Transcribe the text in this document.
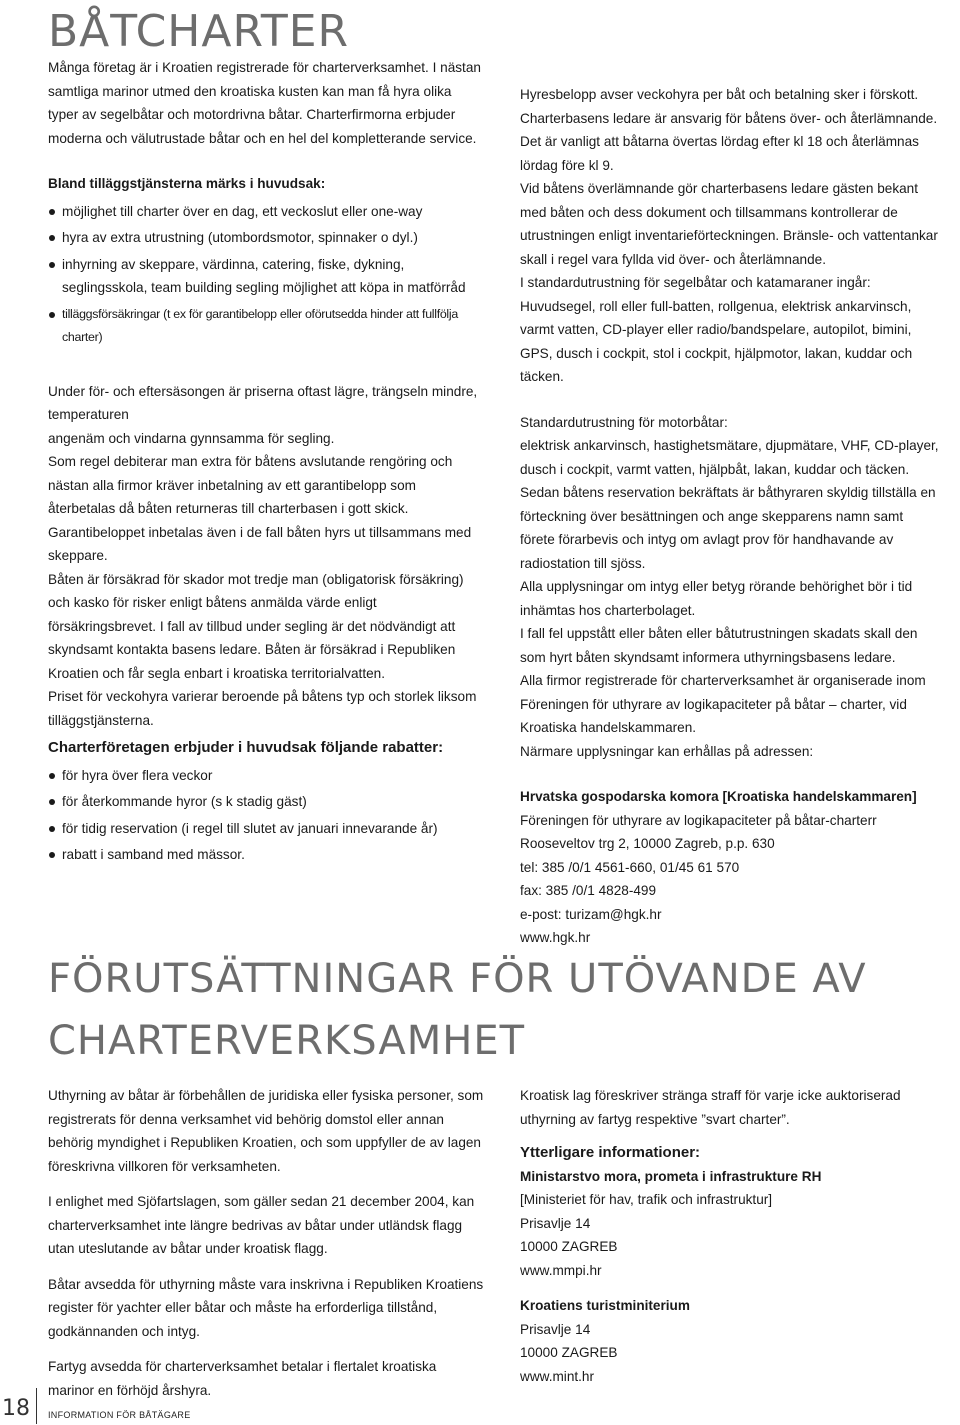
BÅTCHARTER

Många företag är i Kroatien registrerade för charterverksamhet. I nästan samtliga marinor utmed den kroatiska kusten kan man få hyra olika typer av segelbåtar och motordrivna båtar. Charterfirmorna erbjuder moderna och välutrustade båtar och en hel del kompletterande service.

Bland tilläggstjänsterna märks i huvudsak:

möjlighet till charter över en dag, ett veckoslut eller one-way
hyra av extra utrustning (utombordsmotor, spinnaker o dyl.)
inhyrning av skeppare, värdinna, catering, fiske, dykning, seglingsskola, team building segling möjlighet att köpa in matförråd
tilläggsförsäkringar (t ex för garantibelopp eller oförutsedda hinder att fullfölja charter)

Under för- och eftersäsongen är priserna oftast lägre, trängseln mindre, temperaturen

angenäm och vindarna gynnsamma för segling.

Som regel debiterar man extra för båtens avslutande rengöring och nästan alla firmor kräver inbetalning av ett garantibelopp som återbetalas då båten returneras till charterbasen i gott skick. Garantibeloppet inbetalas även i de fall båten hyrs ut tillsammans med skeppare.

Båten är försäkrad för skador mot tredje man (obligatorisk försäkring) och kasko för risker enligt båtens anmälda värde enligt försäkringsbrevet. I fall av tillbud under segling är det nödvändigt att skyndsamt kontakta basens ledare. Båten är försäkrad i Republiken Kroatien och får segla enbart i kroatiska territorialvatten.

Priset för veckohyra varierar beroende på båtens typ och storlek liksom tilläggstjänsterna.

Charterföretagen erbjuder i huvudsak följande rabatter:

för hyra över flera veckor
för återkommande hyror (s k stadig gäst)
för tidig reservation (i regel till slutet av januari innevarande år)
rabatt i samband med mässor.

Hyresbelopp avser veckohyra per båt och betalning sker i förskott.

Charterbasens ledare är ansvarig för båtens över- och återlämnande. Det är vanligt att båtarna övertas lördag efter kl 18 och återlämnas lördag före kl 9.

Vid båtens överlämnande gör charterbasens ledare gästen bekant med båten och dess dokument och tillsammans kontrollerar de utrustningen enligt inventarieförteckningen. Bränsle- och vattentankar skall i regel vara fyllda vid över- och återlämnande.

I standardutrustning för segelbåtar och katamaraner ingår:

Huvudsegel, roll eller full-batten, rollgenua, elektrisk ankarvinsch, varmt vatten, CD-player eller radio/bandspelare, autopilot, bimini, GPS, dusch i cockpit, stol i cockpit, hjälpmotor, lakan, kuddar och täcken.

Standardutrustning för motorbåtar:

elektrisk ankarvinsch, hastighetsmätare, djupmätare, VHF, CD-player, dusch i cockpit, varmt vatten, hjälpbåt, lakan, kuddar och täcken.

Sedan båtens reservation bekräftats är båthyraren skyldig tillställa en förteckning över besättningen och ange skepparens namn samt förete förarbevis och intyg om avlagt prov för handhavande av radiostation till sjöss.

Alla upplysningar om intyg eller betyg rörande behörighet bör i tid inhämtas hos charterbolaget.

I fall fel uppstått eller båten eller båtutrustningen skadats skall den som hyrt båten skyndsamt informera uthyrningsbasens ledare.

Alla firmor registrerade för charterverksamhet är organiserade inom

Föreningen för uthyrare av logikapaciteter på båtar – charter, vid Kroatiska handelskammaren.

Närmare upplysningar kan erhållas på adressen:

Hrvatska gospodarska komora [Kroatiska handelskammaren]

Föreningen för uthyrare av logikapaciteter på båtar-charterr

Rooseveltov trg 2, 10000 Zagreb, p.p. 630

tel: 385 /0/1 4561-660, 01/45 61 570

fax: 385 /0/1 4828-499

e-post: turizam@hgk.hr

www.hgk.hr

FÖRUTSÄTTNINGAR FÖR UTÖVANDE AV CHARTERVERKSAMHET

Uthyrning av båtar är förbehållen de juridiska eller fysiska personer, som registrerats för denna verksamhet vid behörig domstol eller annan behörig myndighet i Republiken Kroatien, och som uppfyller de av lagen föreskrivna villkoren för verksamheten.

I enlighet med Sjöfartslagen, som gäller sedan 21 december 2004, kan charterverksamhet inte längre bedrivas av båtar under utländsk flagg utan uteslutande av båtar under kroatisk flagg.

Båtar avsedda för uthyrning måste vara inskrivna i Republiken Kroatiens register för yachter eller båtar och måste ha erforderliga tillstånd, godkännanden och intyg.

Fartyg avsedda för charterverksamhet betalar i flertalet kroatiska marinor en förhöjd årshyra.

Kroatisk lag föreskriver stränga straff för varje icke auktoriserad uthyrning av fartyg respektive ”svart charter”.

Ytterligare informationer:

Ministarstvo mora, prometa i infrastrukture RH

[Ministeriet för hav, trafik och infrastruktur]

Prisavlje 14

10000 ZAGREB

www.mmpi.hr

Kroatiens turistminiterium

Prisavlje 14

10000 ZAGREB

www.mint.hr

18 INFORMATION FÖR BÅTÄGARE
